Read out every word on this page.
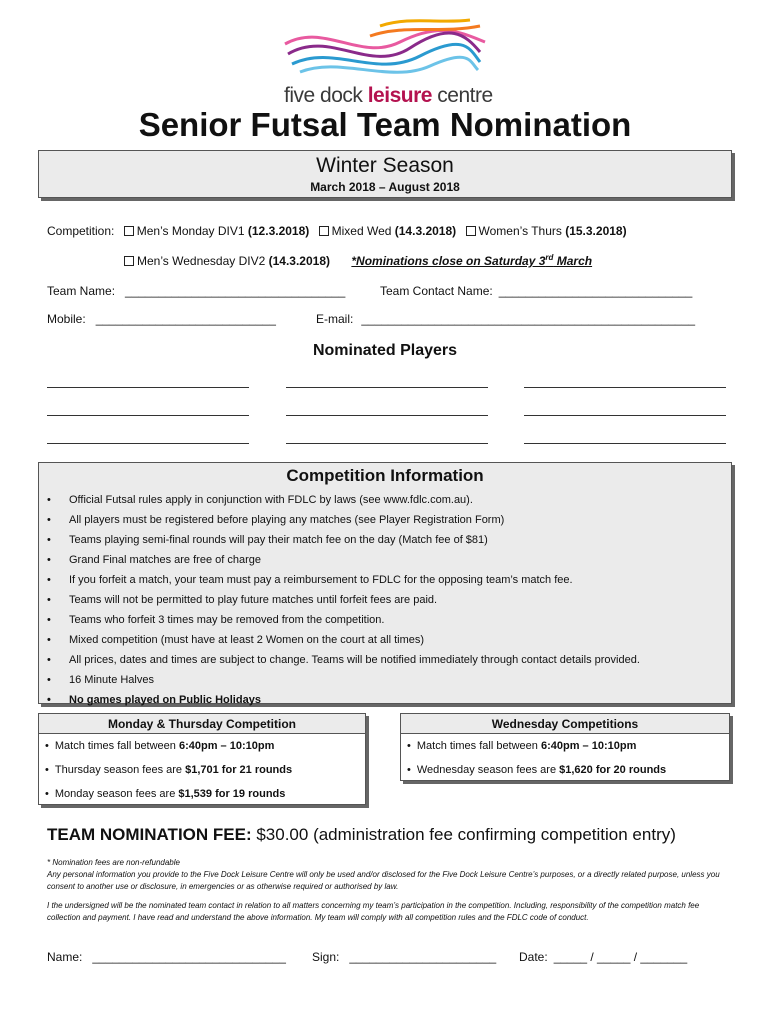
five dock leisure centre
Senior Futsal Team Nomination
Winter Season
March 2018 – August 2018
Competition: Men’s Monday DIV1 (12.3.2018) Mixed Wed (14.3.2018) Women’s Thurs (15.3.2018)
Men’s Wednesday DIV2 (14.3.2018) *Nominations close on Saturday 3rd March
Team Name: _________________________________	Team Contact Name: _____________________________
Mobile: ___________________________	E-mail: __________________________________________________
Nominated Players
Competition Information
• Official Futsal rules apply in conjunction with FDLC by laws (see www.fdlc.com.au).
• All players must be registered before playing any matches (see Player Registration Form)
• Teams playing semi-final rounds will pay their match fee on the day (Match fee of $81)
• Grand Final matches are free of charge
• If you forfeit a match, your team must pay a reimbursement to FDLC for the opposing team’s match fee.
• Teams will not be permitted to play future matches until forfeit fees are paid.
• Teams who forfeit 3 times may be removed from the competition.
• Mixed competition (must have at least 2 Women on the court at all times)
• All prices, dates and times are subject to change. Teams will be notified immediately through contact details provided.
• 16 Minute Halves
• No games played on Public Holidays
Monday & Thursday Competition
• Match times fall between 6:40pm – 10:10pm
• Thursday season fees are $1,701 for 21 rounds
• Monday season fees are $1,539 for 19 rounds
Wednesday Competitions
• Match times fall between 6:40pm – 10:10pm
• Wednesday season fees are $1,620 for 20 rounds
TEAM NOMINATION FEE: $30.00 (administration fee confirming competition entry)
* Nomination fees are non-refundable
Any personal information you provide to the Five Dock Leisure Centre will only be used and/or disclosed for the Five Dock Leisure Centre’s purposes, or a directly related purpose, unless you consent to another use or disclosure, in emergencies or as otherwise required or authorised by law.
I the undersigned will be the nominated team contact in relation to all matters concerning my team’s participation in the competition. Including, responsibility of the competition match fee collection and payment. I have read and understand the above information. My team will comply with all competition rules and the FDLC code of conduct.
Name: _____________________________ Sign: ______________________ Date: _____ / _____ / _______
